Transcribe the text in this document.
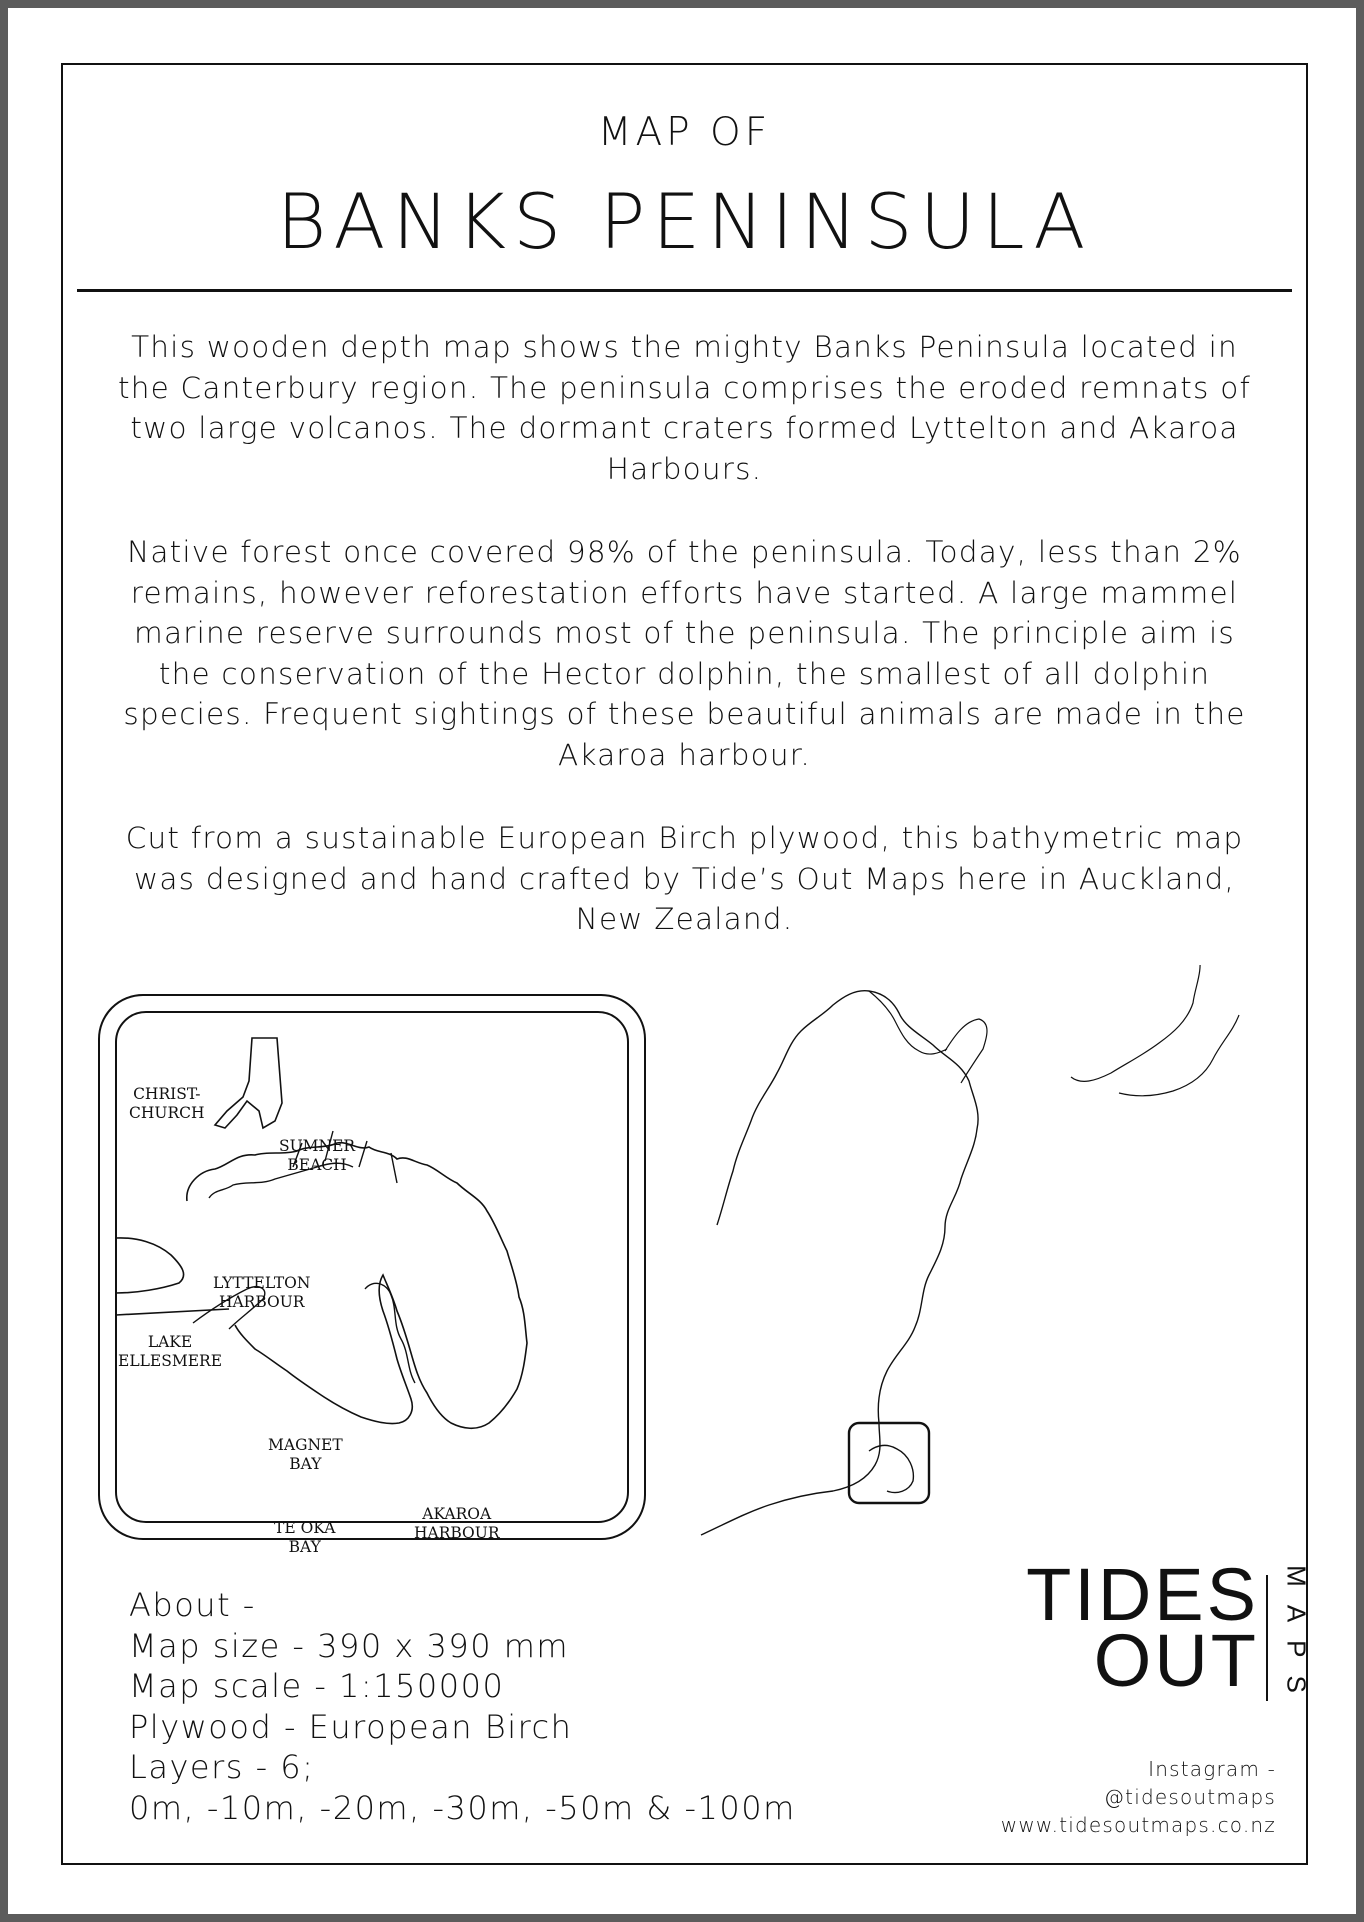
MAP OF
BANKS PENINSULA
This wooden depth map shows the mighty Banks Peninsula located in the Canterbury region. The peninsula comprises the eroded remnats of two large volcanos. The dormant craters formed Lyttelton and Akaroa Harbours.
Native forest once covered 98% of the peninsula. Today, less than 2% remains, however reforestation efforts have started. A large mammel marine reserve surrounds most of the peninsula. The principle aim is the conservation of the Hector dolphin, the smallest of all dolphin species. Frequent sightings of these beautiful animals are made in the Akaroa harbour.
Cut from a sustainable European Birch plywood, this bathymetric map was designed and hand crafted by Tide’s Out Maps here in Auckland, New Zealand.
CHRIST-
CHURCH
SUMNER
BEACH
LYTTELTON
HARBOUR
LAKE
ELLESMERE
MAGNET
BAY
TE OKA
BAY
AKAROA
HARBOUR
About -
Map size - 390 x 390 mm
Map scale - 1:150000
Plywood - European Birch
Layers - 6;
0m, -10m, -20m, -30m, -50m & -100m
TIDES
OUT MAPS
Instagram -
@tidesoutmaps
www.tidesoutmaps.co.nz
